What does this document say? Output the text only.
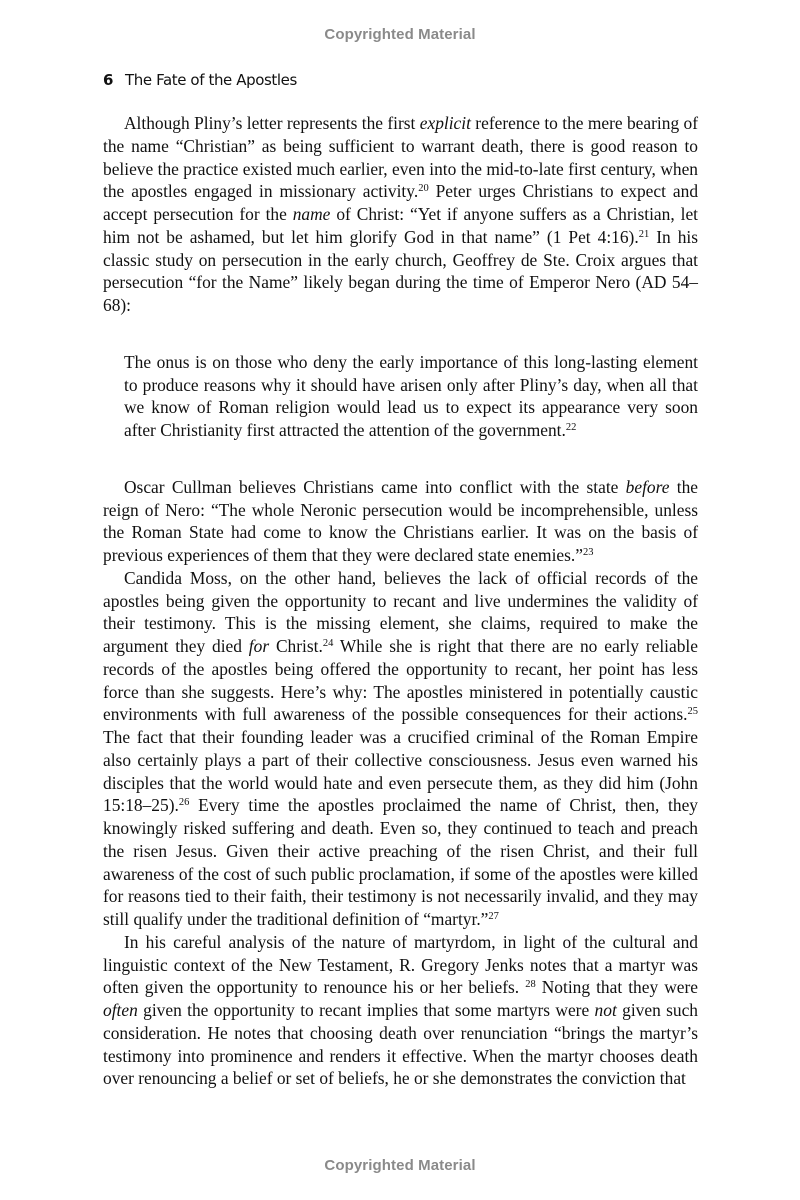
Copyrighted Material
6 The Fate of the Apostles

Although Pliny’s letter represents the first explicit reference to the mere bearing of the name “Christian” as being sufficient to warrant death, there is good reason to believe the practice existed much earlier, even into the mid-to-late first century, when the apostles engaged in missionary activity.$^{20}$ Peter urges Christians to expect and accept persecution for the name of Christ: “Yet if anyone suffers as a Christian, let him not be ashamed, but let him glorify God in that name” (1 Pet 4:16).$^{21}$ In his classic study on persecution in the early church, Geoffrey de Ste. Croix argues that persecution “for the Name” likely began during the time of Emperor Nero (AD 54–68):

The onus is on those who deny the early importance of this long-lasting element to produce reasons why it should have arisen only after Pliny’s day, when all that we know of Roman religion would lead us to expect its appearance very soon after Christianity first attracted the attention of the government.$^{22}$

Oscar Cullman believes Christians came into conflict with the state before the reign of Nero: “The whole Neronic persecution would be incomprehensible, unless the Roman State had come to know the Christians earlier. It was on the basis of previous experiences of them that they were declared state enemies.”$^{23}$

Candida Moss, on the other hand, believes the lack of official records of the apostles being given the opportunity to recant and live undermines the validity of their testimony. This is the missing element, she claims, required to make the argument they died for Christ.$^{24}$ While she is right that there are no early reliable records of the apostles being offered the opportunity to recant, her point has less force than she suggests. Here’s why: The apostles ministered in potentially caustic environments with full awareness of the possible consequences for their actions.$^{25}$ The fact that their founding leader was a crucified criminal of the Roman Empire also certainly plays a part of their collective consciousness. Jesus even warned his disciples that the world would hate and even persecute them, as they did him (John 15:18–25).$^{26}$ Every time the apostles proclaimed the name of Christ, then, they knowingly risked suffering and death. Even so, they continued to teach and preach the risen Jesus. Given their active preaching of the risen Christ, and their full awareness of the cost of such public proclamation, if some of the apostles were killed for reasons tied to their faith, their testimony is not necessarily invalid, and they may still qualify under the traditional definition of “martyr.”$^{27}$

In his careful analysis of the nature of martyrdom, in light of the cultural and linguistic context of the New Testament, R. Gregory Jenks notes that a martyr was often given the opportunity to renounce his or her beliefs. $^{28}$ Noting that they were often given the opportunity to recant implies that some martyrs were not given such consideration. He notes that choosing death over renunciation “brings the martyr’s testimony into prominence and renders it effective. When the martyr chooses death over renouncing a belief or set of beliefs, he or she demonstrates the conviction that

Copyrighted Material
